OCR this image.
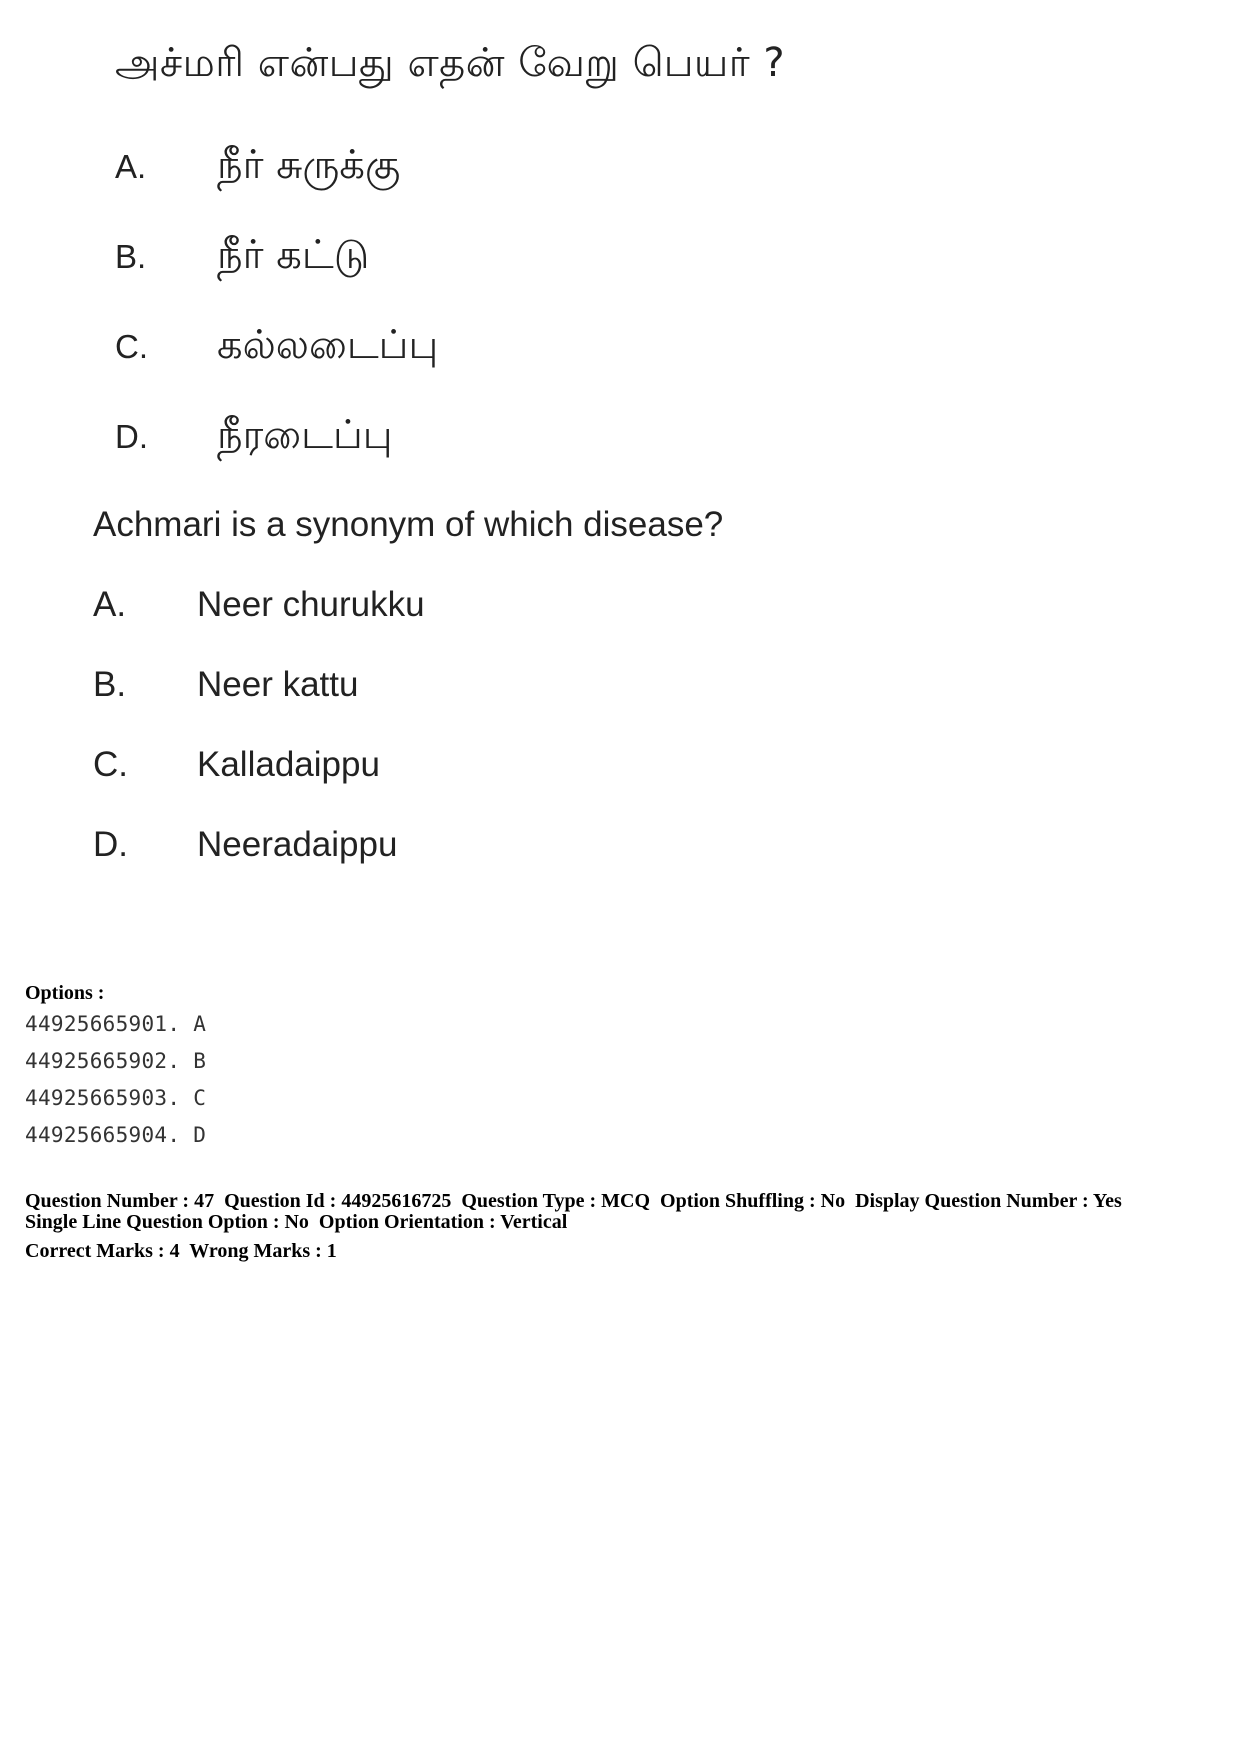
அச்மரி என்பது எதன் வேறு பெயர் ?
A. நீர் சுருக்கு
B. நீர் கட்டு
C. கல்லடைப்பு
D. நீரடைப்பு
Achmari is a synonym of which disease?
A. Neer churukku
B. Neer kattu
C. Kalladaippu
D. Neeradaippu
Options :
44925665901. A
44925665902. B
44925665903. C
44925665904. D
Question Number : 47  Question Id : 44925616725  Question Type : MCQ  Option Shuffling : No  Display Question Number : Yes
Single Line Question Option : No  Option Orientation : Vertical
Correct Marks : 4  Wrong Marks : 1
